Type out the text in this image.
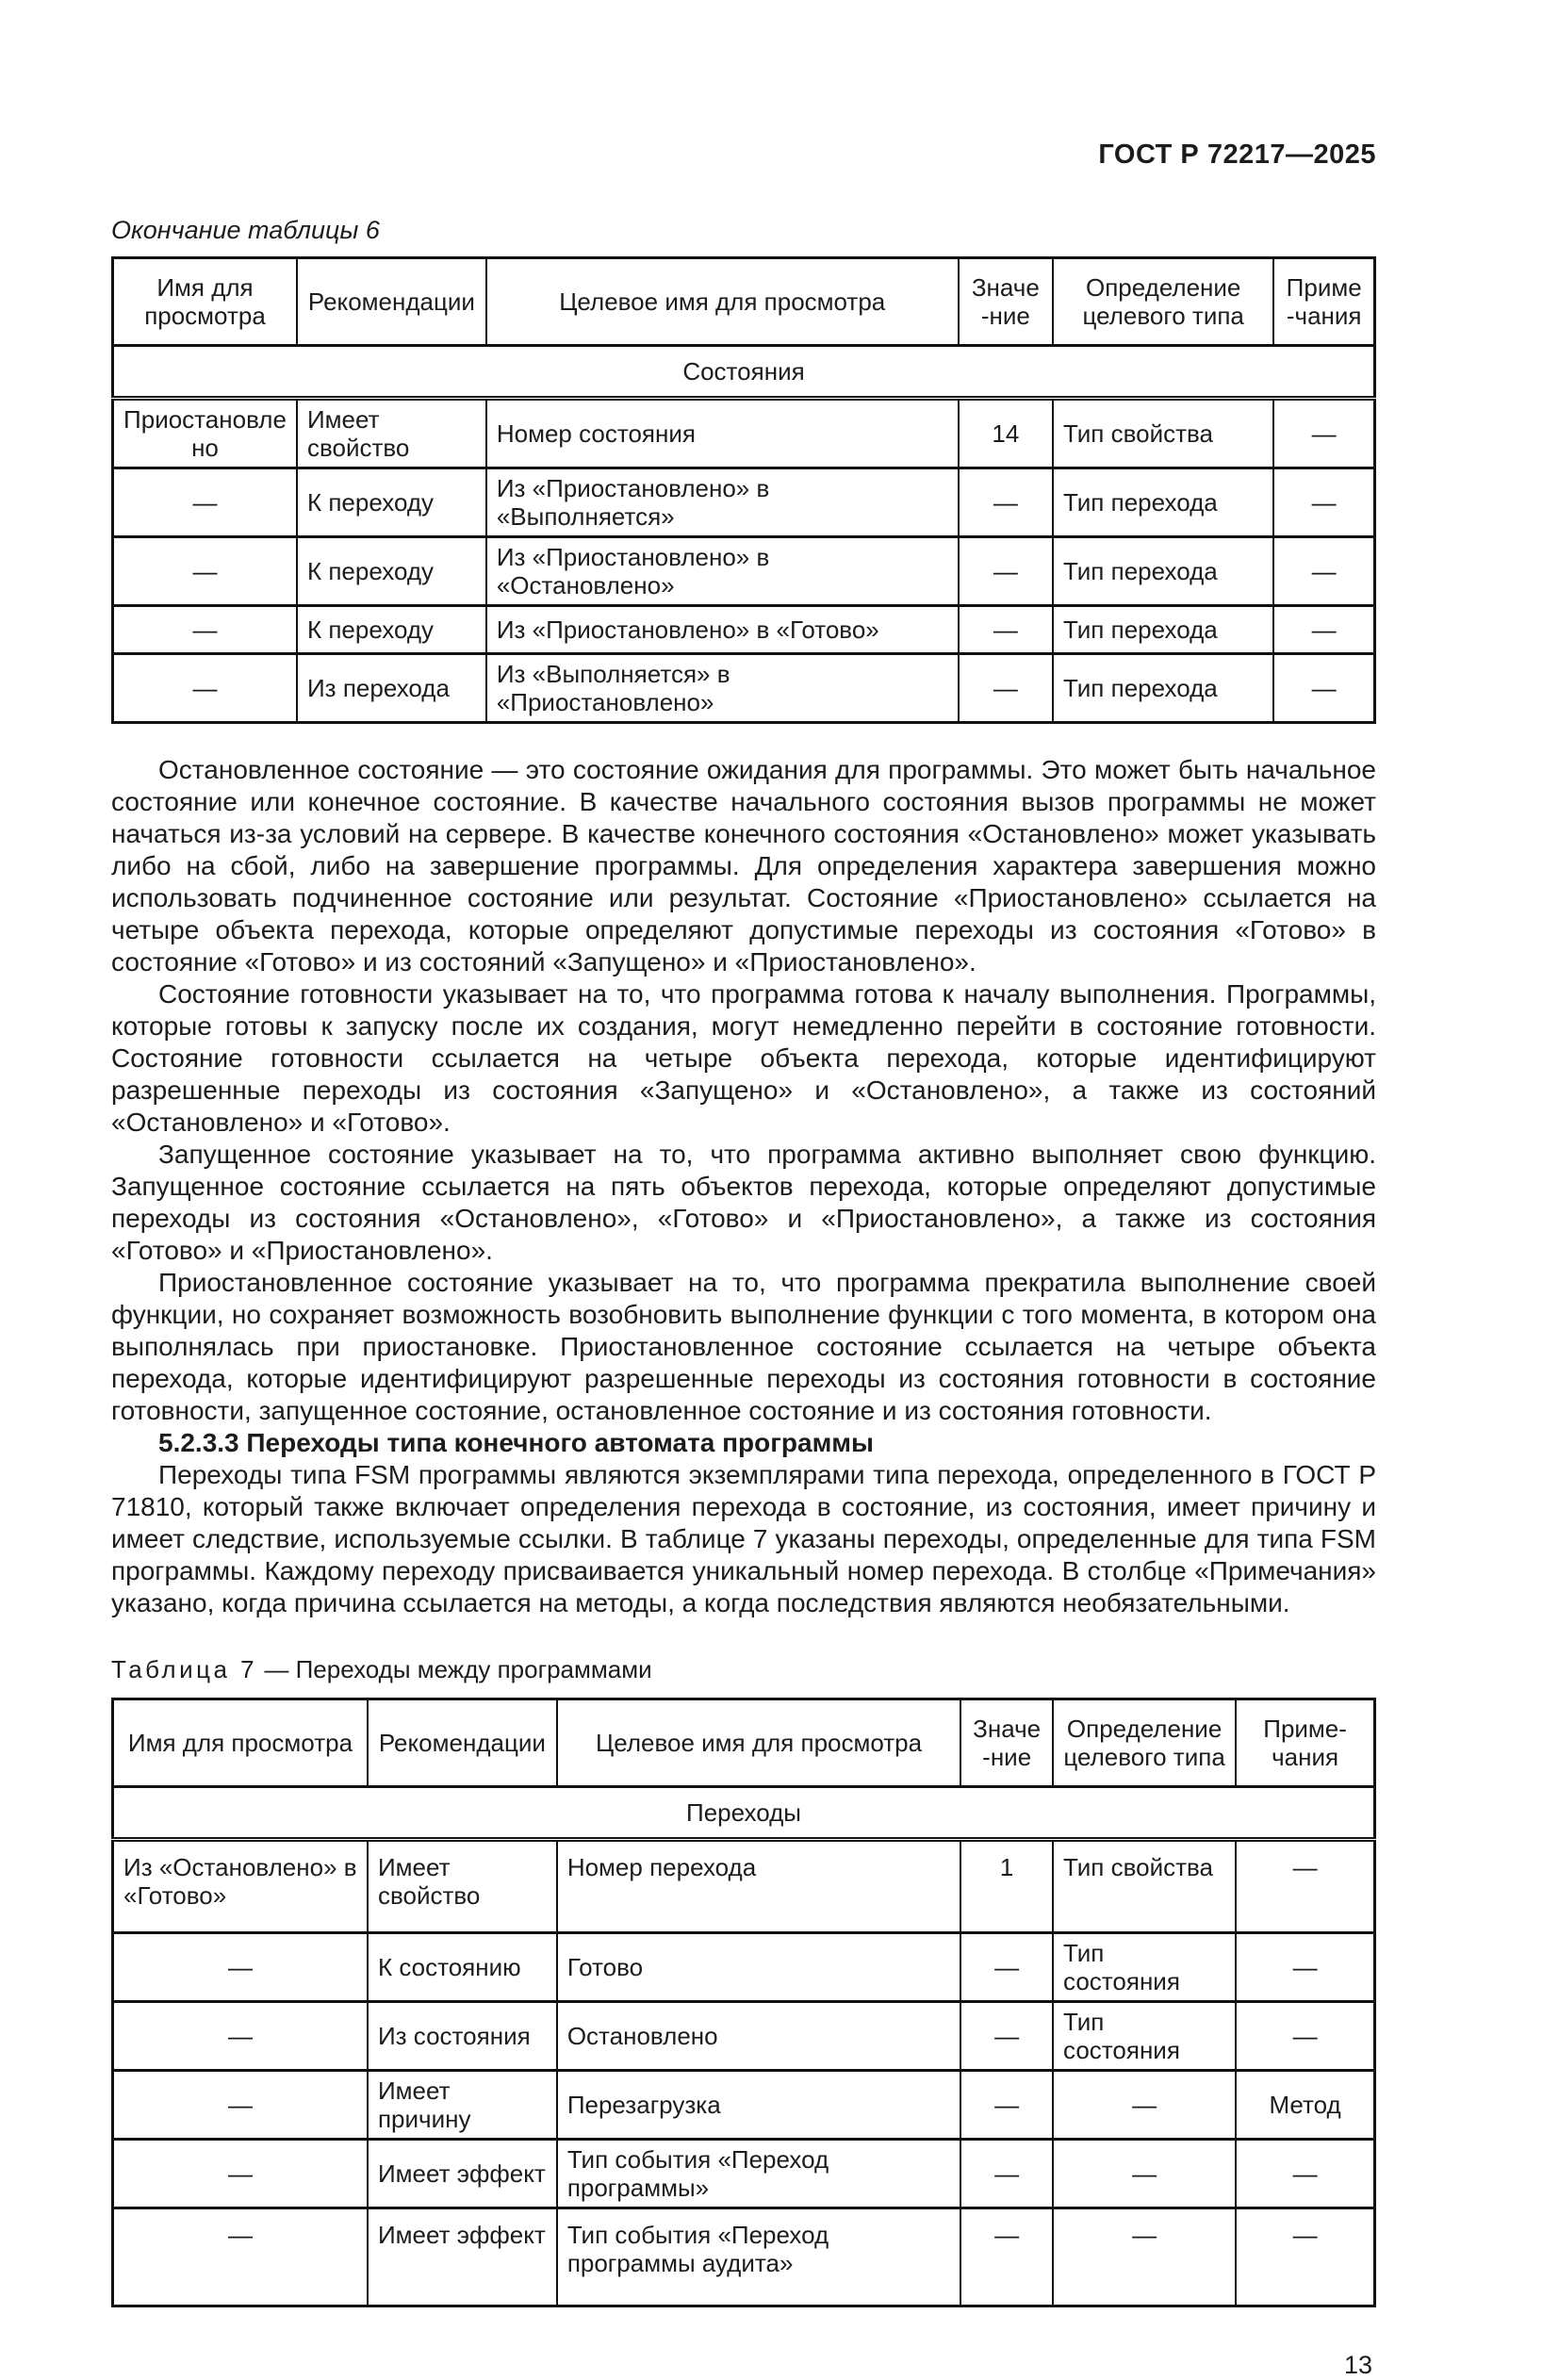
ГОСТ Р 72217—2025
Окончание таблицы 6
Имя для просмотра	Рекомендации	Целевое имя для просмотра	Значе-ние	Определение целевого типа	Приме-чания
Состояния					
Приостановлено	Имеет свойство	Номер состояния	14	Тип свойства	—
—	К переходу	Из «Приостановлено» в «Выполняется»	—	Тип перехода	—
—	К переходу	Из «Приостановлено» в «Остановлено»	—	Тип перехода	—
—	К переходу	Из «Приостановлено» в «Готово»	—	Тип перехода	—
—	Из перехода	Из «Выполняется» в «Приостановлено»	—	Тип перехода	—

Остановленное состояние — это состояние ожидания для программы. Это может быть начальное состояние или конечное состояние. В качестве начального состояния вызов программы не может начаться из-за условий на сервере. В качестве конечного состояния «Остановлено» может указывать либо на сбой, либо на завершение программы. Для определения характера завершения можно использовать подчиненное состояние или результат. Состояние «Приостановлено» ссылается на четыре объекта перехода, которые определяют допустимые переходы из состояния «Готово» в состояние «Готово» и из состояний «Запущено» и «Приостановлено».

Состояние готовности указывает на то, что программа готова к началу выполнения. Программы, которые готовы к запуску после их создания, могут немедленно перейти в состояние готовности. Состояние готовности ссылается на четыре объекта перехода, которые идентифицируют разрешенные переходы из состояния «Запущено» и «Остановлено», а также из состояний «Остановлено» и «Готово».

Запущенное состояние указывает на то, что программа активно выполняет свою функцию. Запущенное состояние ссылается на пять объектов перехода, которые определяют допустимые переходы из состояния «Остановлено», «Готово» и «Приостановлено», а также из состояния «Готово» и «Приостановлено».

Приостановленное состояние указывает на то, что программа прекратила выполнение своей функции, но сохраняет возможность возобновить выполнение функции с того момента, в котором она выполнялась при приостановке. Приостановленное состояние ссылается на четыре объекта перехода, которые идентифицируют разрешенные переходы из состояния готовности в состояние готовности, запущенное состояние, остановленное состояние и из состояния готовности.

5.2.3.3 Переходы типа конечного автомата программы

Переходы типа FSM программы являются экземплярами типа перехода, определенного в ГОСТ Р 71810, который также включает определения перехода в состояние, из состояния, имеет причину и имеет следствие, используемые ссылки. В таблице 7 указаны переходы, определенные для типа FSM программы. Каждому переходу присваивается уникальный номер перехода. В столбце «Примечания» указано, когда причина ссылается на методы, а когда последствия являются необязательными.

Таблица 7 — Переходы между программами
Имя для просмотра	Рекомендации	Целевое имя для просмотра	Значе-ние	Определение целевого типа	Приме-чания
Переходы					
Из «Остановлено» в «Готово»	Имеет свойство	Номер перехода	1	Тип свойства	—
—	К состоянию	Готово	—	Тип состояния	—
—	Из состояния	Остановлено	—	Тип состояния	—
—	Имеет причину	Перезагрузка	—	—	Метод
—	Имеет эффект	Тип события «Переход программы»	—	—	—
—	Имеет эффект	Тип события «Переход программы аудита»	—	—	—
13
